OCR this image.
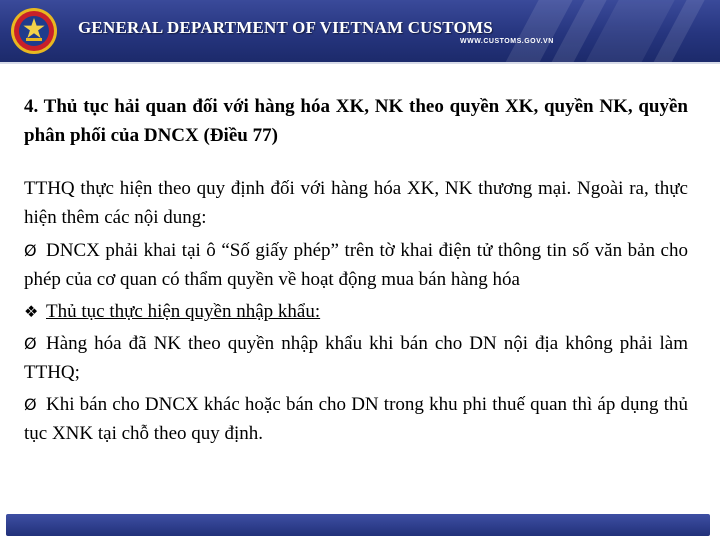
GENERAL DEPARTMENT OF VIETNAM CUSTOMS
WWW.CUSTOMS.GOV.VN

4. Thủ tục hải quan đối với hàng hóa XK, NK theo quyền XK, quyền NK, quyền phân phối của DNCX (Điều 77)

TTHQ thực hiện theo quy định đối với hàng hóa XK, NK thương mại. Ngoài ra, thực hiện thêm các nội dung:

Ø DNCX phải khai tại ô “Số giấy phép” trên tờ khai điện tử thông tin số văn bản cho phép của cơ quan có thẩm quyền về hoạt động mua bán hàng hóa

❖ Thủ tục thực hiện quyền nhập khẩu:

Ø Hàng hóa đã NK theo quyền nhập khẩu khi bán cho DN nội địa không phải làm TTHQ;

Ø Khi bán cho DNCX khác hoặc bán cho DN trong khu phi thuế quan thì áp dụng thủ tục XNK tại chỗ theo quy định.
